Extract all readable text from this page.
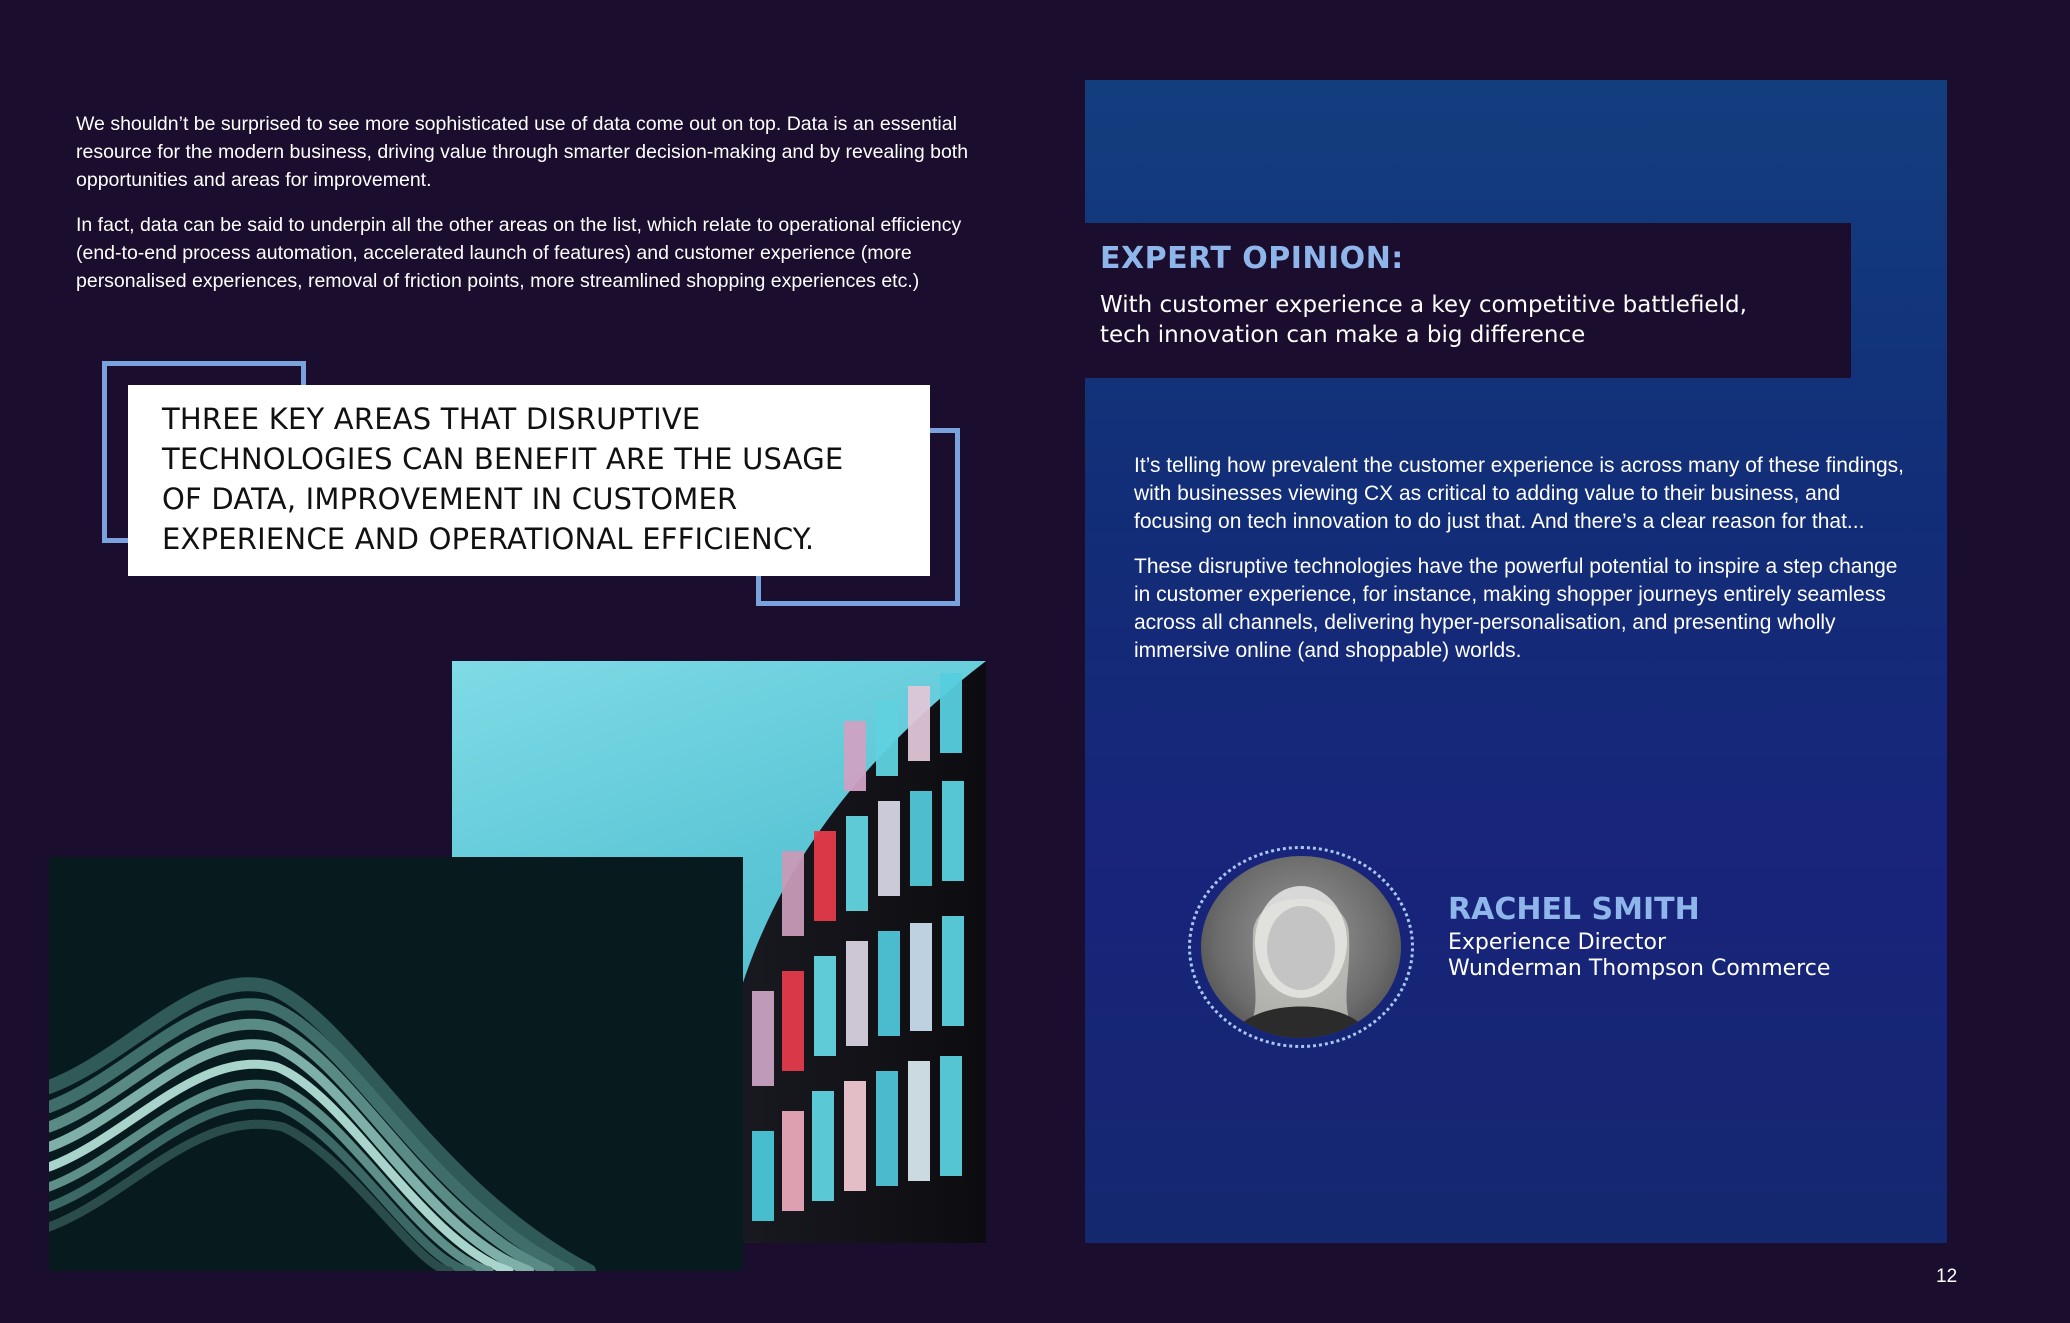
We shouldn’t be surprised to see more sophisticated use of data come out on top. Data is an essential resource for the modern business, driving value through smarter decision-making and by revealing both opportunities and areas for improvement.

In fact, data can be said to underpin all the other areas on the list, which relate to operational efficiency (end-to-end process automation, accelerated launch of features) and customer experience (more personalised experiences, removal of friction points, more streamlined shopping experiences etc.)

THREE KEY AREAS THAT DISRUPTIVE
TECHNOLOGIES CAN BENEFIT ARE THE USAGE
OF DATA, IMPROVEMENT IN CUSTOMER
EXPERIENCE AND OPERATIONAL EFFICIENCY.
EXPERT OPINION:
With customer experience a key competitive battlefield,
tech innovation can make a big difference

It’s telling how prevalent the customer experience is across many of these findings, with businesses viewing CX as critical to adding value to their business, and focusing on tech innovation to do just that. And there’s a clear reason for that...

These disruptive technologies have the powerful potential to inspire a step change in customer experience, for instance, making shopper journeys entirely seamless across all channels, delivering hyper-personalisation, and presenting wholly immersive online (and shoppable) worlds.

RACHEL SMITH
Experience Director
Wunderman Thompson Commerce
12
